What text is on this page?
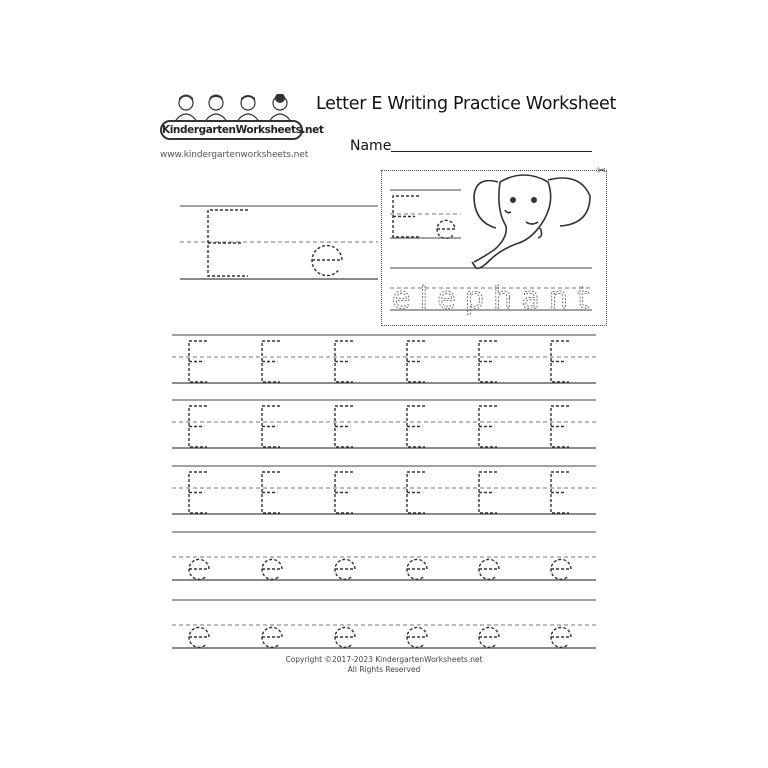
KindergartenWorksheets.net
www.kindergartenworksheets.net
Letter E Writing Practice Worksheet
Name
✂
elephant
Copyright ©2017-2023 KindergartenWorksheets.net
All Rights Reserved
